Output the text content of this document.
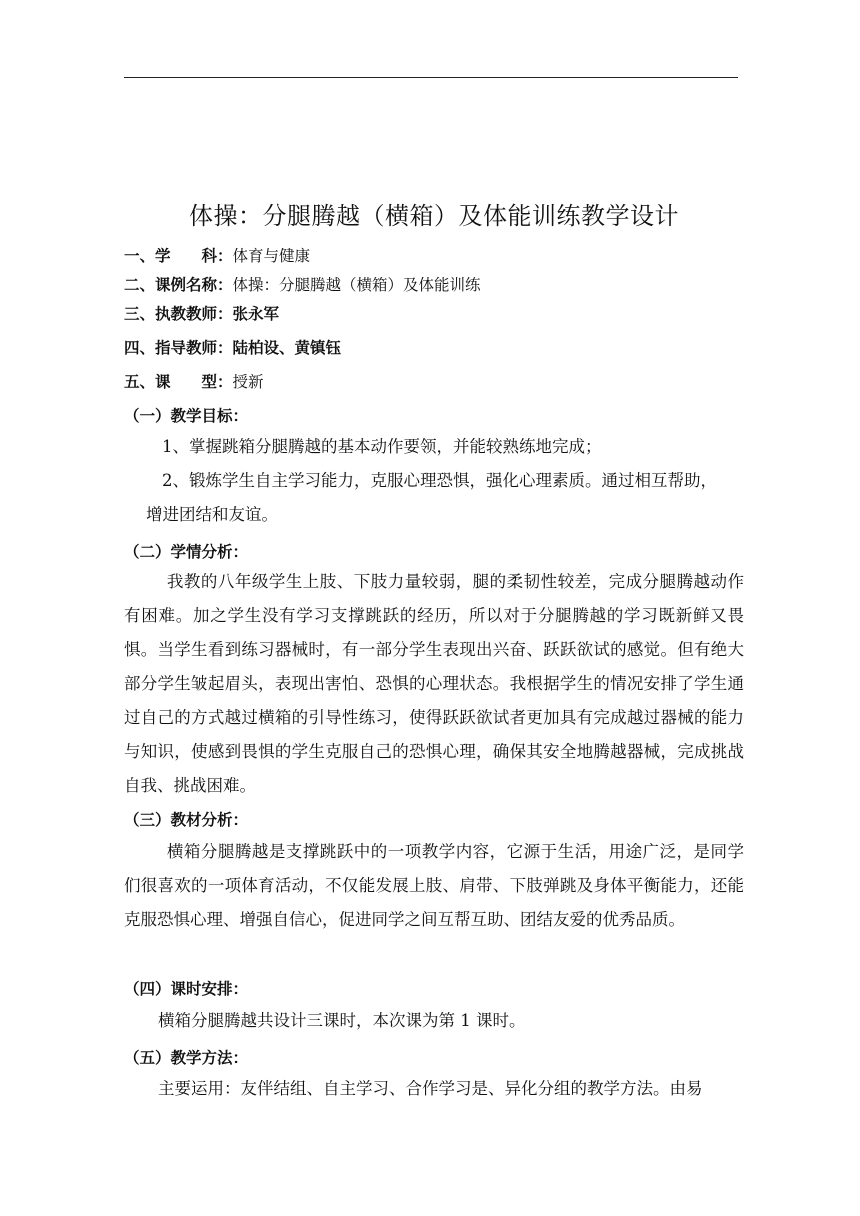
体操：分腿腾越（横箱）及体能训练教学设计
一、学　　科：体育与健康
二、课例名称：体操：分腿腾越（横箱）及体能训练
三、执教教师：张永军
四、指导教师：陆柏设、黄镇钰
五、课　　型：授新
（一）教学目标：
1、掌握跳箱分腿腾越的基本动作要领，并能较熟练地完成；
2、锻炼学生自主学习能力，克服心理恐惧，强化心理素质。通过相互帮助，
增进团结和友谊。
（二）学情分析：
我教的八年级学生上肢、下肢力量较弱，腿的柔韧性较差，完成分腿腾越动作有困难。加之学生没有学习支撑跳跃的经历，所以对于分腿腾越的学习既新鲜又畏惧。当学生看到练习器械时，有一部分学生表现出兴奋、跃跃欲试的感觉。但有绝大部分学生皱起眉头，表现出害怕、恐惧的心理状态。我根据学生的情况安排了学生通过自己的方式越过横箱的引导性练习，使得跃跃欲试者更加具有完成越过器械的能力与知识，使感到畏惧的学生克服自己的恐惧心理，确保其安全地腾越器械，完成挑战自我、挑战困难。
（三）教材分析：
横箱分腿腾越是支撑跳跃中的一项教学内容，它源于生活，用途广泛，是同学们很喜欢的一项体育活动，不仅能发展上肢、肩带、下肢弹跳及身体平衡能力，还能克服恐惧心理、增强自信心，促进同学之间互帮互助、团结友爱的优秀品质。
（四）课时安排：
横箱分腿腾越共设计三课时，本次课为第 1 课时。
（五）教学方法：
主要运用：友伴结组、自主学习、合作学习是、异化分组的教学方法。由易
